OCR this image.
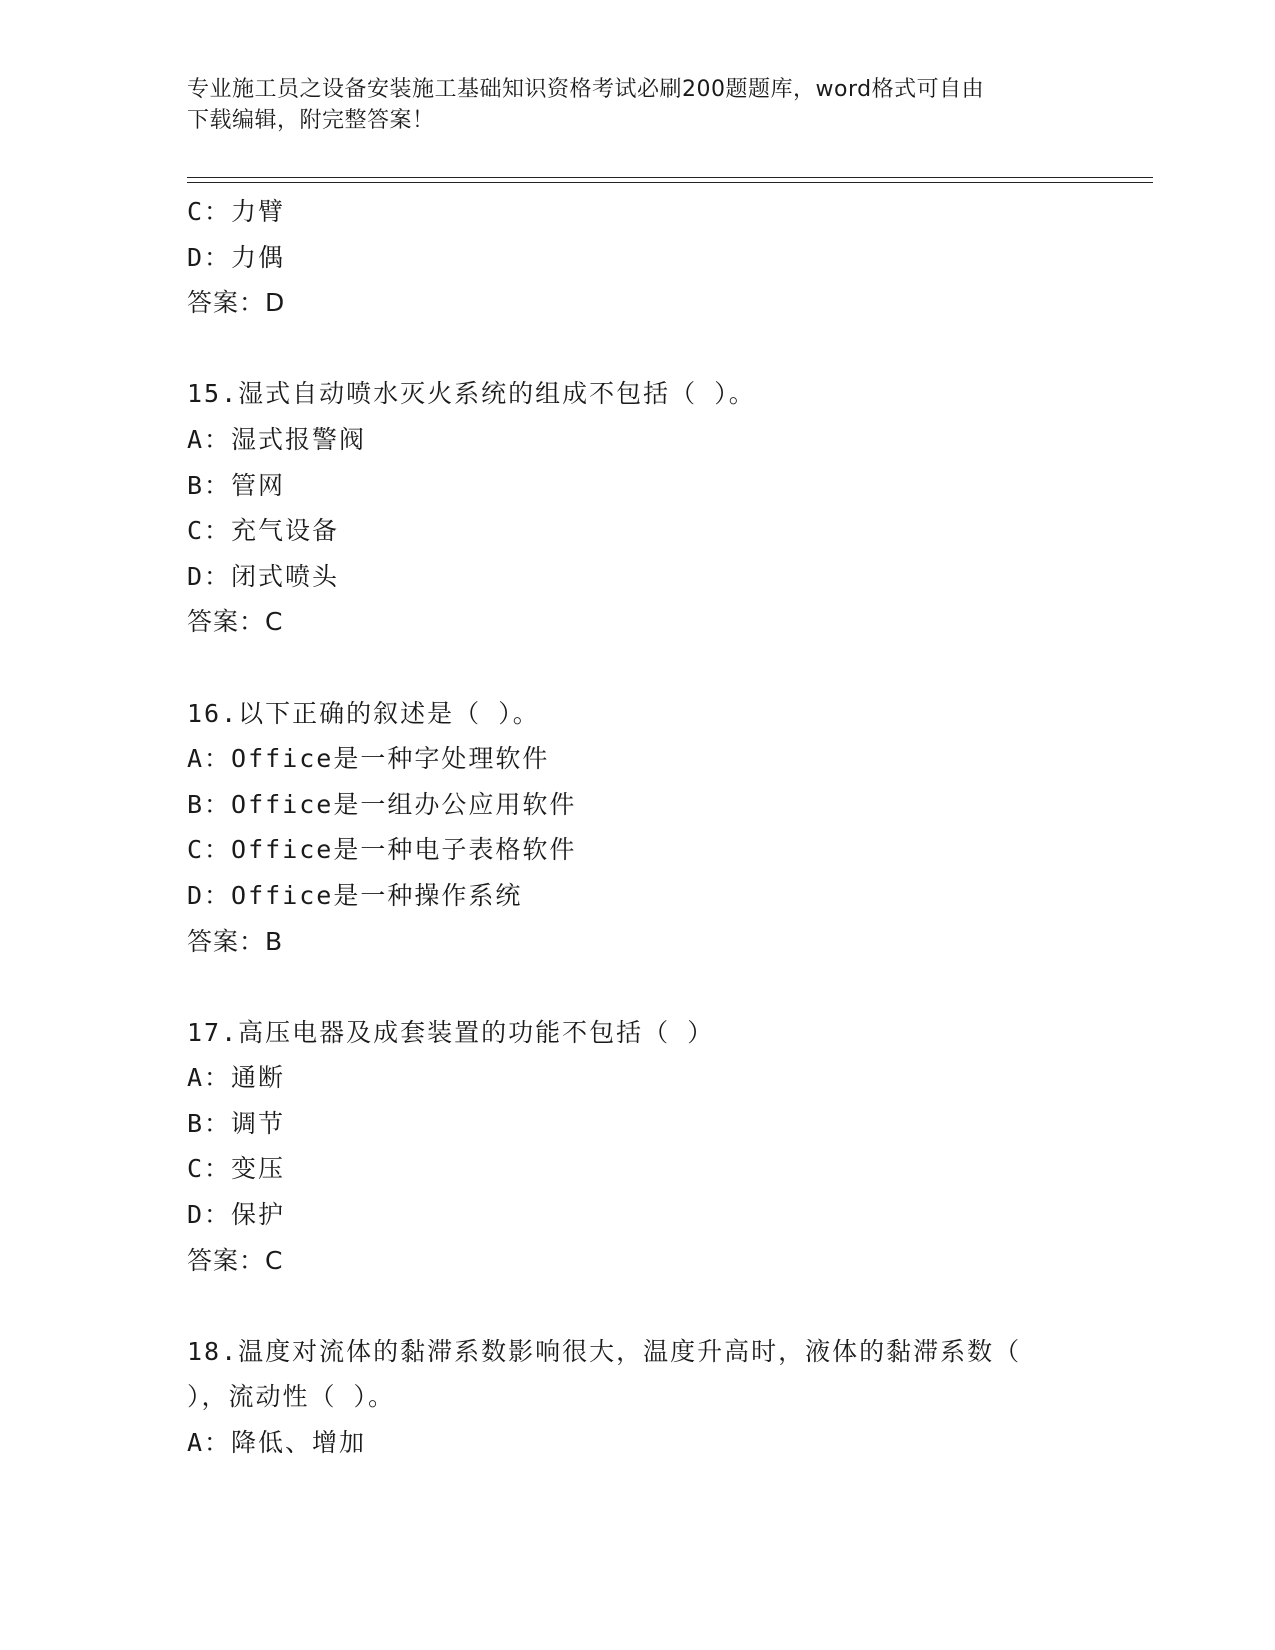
专业施工员之设备安装施工基础知识资格考试必刷200题题库，word格式可自由
下载编辑，附完整答案！
C：力臂
D：力偶
答案：D
15.湿式自动喷水灭火系统的组成不包括（ ）。
A：湿式报警阀
B：管网
C：充气设备
D：闭式喷头
答案：C
16.以下正确的叙述是（ ）。
A：Office是一种字处理软件
B：Office是一组办公应用软件
C：Office是一种电子表格软件
D：Office是一种操作系统
答案：B
17.高压电器及成套装置的功能不包括（ ）
A：通断
B：调节
C：变压
D：保护
答案：C
18.温度对流体的黏滞系数影响很大，温度升高时，液体的黏滞系数（
），流动性（ ）。
A：降低、增加
